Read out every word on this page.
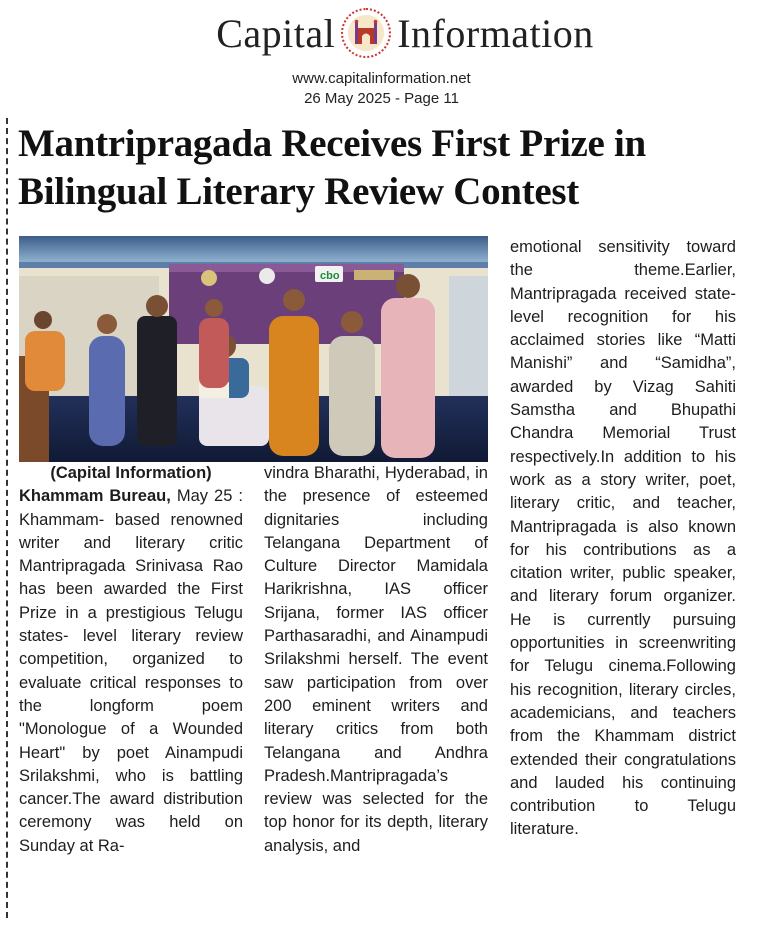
Capital Information
www.capitalinformation.net
26 May 2025 - Page 11
Mantripragada Receives First Prize in Bilingual Literary Review Contest
cbo

(Capital Information)

Khammam Bureau, May 25 : Khammam- based renowned writer and literary critic Mantripragada Srinivasa Rao has been awarded the First Prize in a prestigious Telugu states- level literary review competition, organized to evaluate critical responses to the longform poem "Monologue of a Wounded Heart" by poet Ainampudi Srilakshmi, who is battling cancer.The award distribution ceremony was held on Sunday at Ra-

vindra Bharathi, Hyderabad, in the presence of esteemed dignitaries including Telangana Department of Culture Director Mamidala Harikrishna, IAS officer Srijana, former IAS officer Parthasaradhi, and Ainampudi Srilakshmi herself. The event saw participation from over 200 eminent writers and literary critics from both Telangana and Andhra Pradesh.Mantripragada’s review was selected for the top honor for its depth, literary analysis, and

emotional sensitivity toward the theme.Earlier, Mantripragada received state- level recognition for his acclaimed stories like “Matti Manishi” and “Samidha”, awarded by Vizag Sahiti Samstha and Bhupathi Chandra Memorial Trust respectively.In addition to his work as a story writer, poet, literary critic, and teacher, Mantripragada is also known for his contributions as a citation writer, public speaker, and literary forum organizer. He is currently pursuing opportunities in screenwriting for Telugu cinema.Following his recognition, literary circles, academicians, and teachers from the Khammam district extended their congratulations and lauded his continuing contribution to Telugu literature.
